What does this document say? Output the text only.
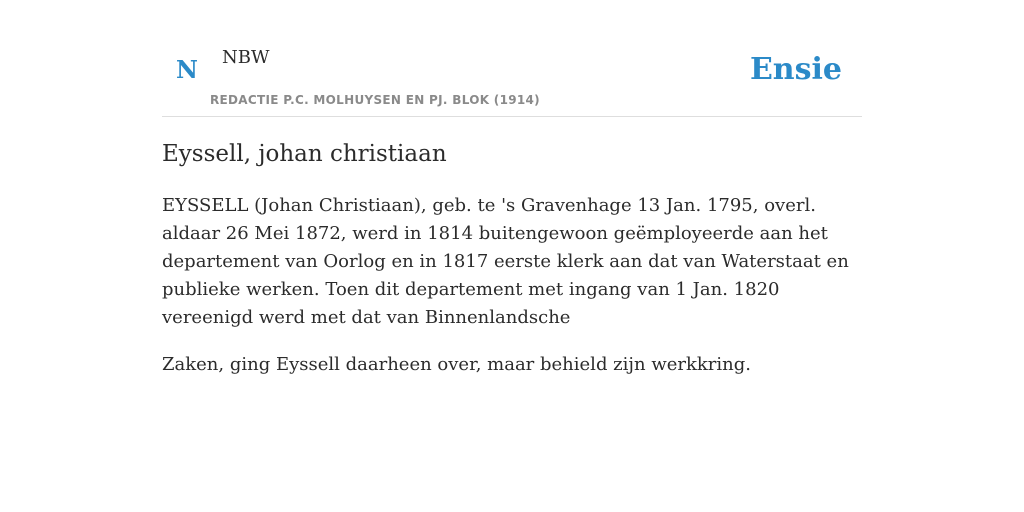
N NBW
REDACTIE P.C. MOLHUYSEN EN PJ. BLOK (1914)
Ensie
Eyssell, johan christiaan

EYSSELL (Johan Christiaan), geb. te 's Gravenhage 13 Jan. 1795, overl. aldaar 26 Mei 1872, werd in 1814 buitengewoon geëmployeerde aan het departement van Oorlog en in 1817 eerste klerk aan dat van Waterstaat en publieke werken. Toen dit departement met ingang van 1 Jan. 1820 vereenigd werd met dat van Binnenlandsche

Zaken, ging Eyssell daarheen over, maar behield zijn werkkring.
